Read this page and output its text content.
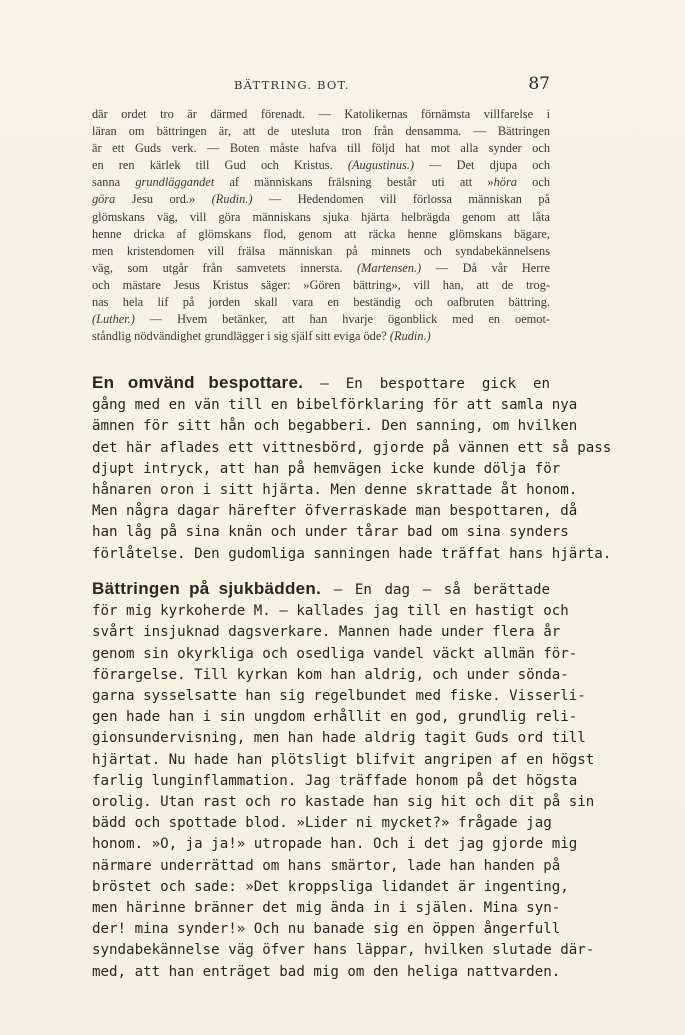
BÄTTRING. BOT.	87
där ordet tro är därmed förenadt. — Katolikernas förnämsta villfarelse i
läran om bättringen är, att de utesluta tron från densamma. — Bättringen
är ett Guds verk. — Boten måste hafva till följd hat mot alla synder och
en ren kärlek till Gud och Kristus. (Augustinus.) — Det djupa och
sanna grundläggandet af människans frälsning består uti att »höra och
göra Jesu ord.» (Rudin.) — Hedendomen vill förlossa människan på
glömskans väg, vill göra människans sjuka hjärta helbrägda genom att låta
henne dricka af glömskans flod, genom att räcka henne glömskans bägare,
men kristendomen vill frälsa människan på minnets och syndabekännelsens
väg, som utgår från samvetets innersta. (Martensen.) — Då vår Herre
och mästare Jesus Kristus säger: »Gören bättring», vill han, att de trog-
nas hela lif på jorden skall vara en beständig och oafbruten bättring.
(Luther.) — Hvem betänker, att han hvarje ögonblick med en oemot-
ståndlig nödvändighet grundlägger i sig själf sitt eviga öde? (Rudin.)
En omvänd bespottare. — En bespottare gick en
gång med en vän till en bibelförklaring för att samla nya
ämnen för sitt hån och begabberi. Den sanning, om hvilken
det här aflades ett vittnesbörd, gjorde på vännen ett så pass
djupt intryck, att han på hemvägen icke kunde dölja för
hånaren oron i sitt hjärta. Men denne skrattade åt honom.
Men några dagar härefter öfverraskade man bespottaren, då
han låg på sina knän och under tårar bad om sina synders
förlåtelse. Den gudomliga sanningen hade träffat hans hjärta.
Bättringen på sjukbädden. — En dag — så berättade
för mig kyrkoherde M. — kallades jag till en hastigt och
svårt insjuknad dagsverkare. Mannen hade under flera år
genom sin okyrkliga och osedliga vandel väckt allmän för-
förargelse. Till kyrkan kom han aldrig, och under sönda-
garna sysselsatte han sig regelbundet med fiske. Visserli-
gen hade han i sin ungdom erhållit en god, grundlig reli-
gionsundervisning, men han hade aldrig tagit Guds ord till
hjärtat. Nu hade han plötsligt blifvit angripen af en högst
farlig lunginflammation. Jag träffade honom på det högsta
orolig. Utan rast och ro kastade han sig hit och dit på sin
bädd och spottade blod. »Lider ni mycket?» frågade jag
honom. »O, ja ja!» utropade han. Och i det jag gjorde mig
närmare underrättad om hans smärtor, lade han handen på
bröstet och sade: »Det kroppsliga lidandet är ingenting,
men härinne bränner det mig ända in i själen. Mina syn-
der! mina synder!» Och nu banade sig en öppen ångerfull
syndabekännelse väg öfver hans läppar, hvilken slutade där-
med, att han enträget bad mig om den heliga nattvarden.
